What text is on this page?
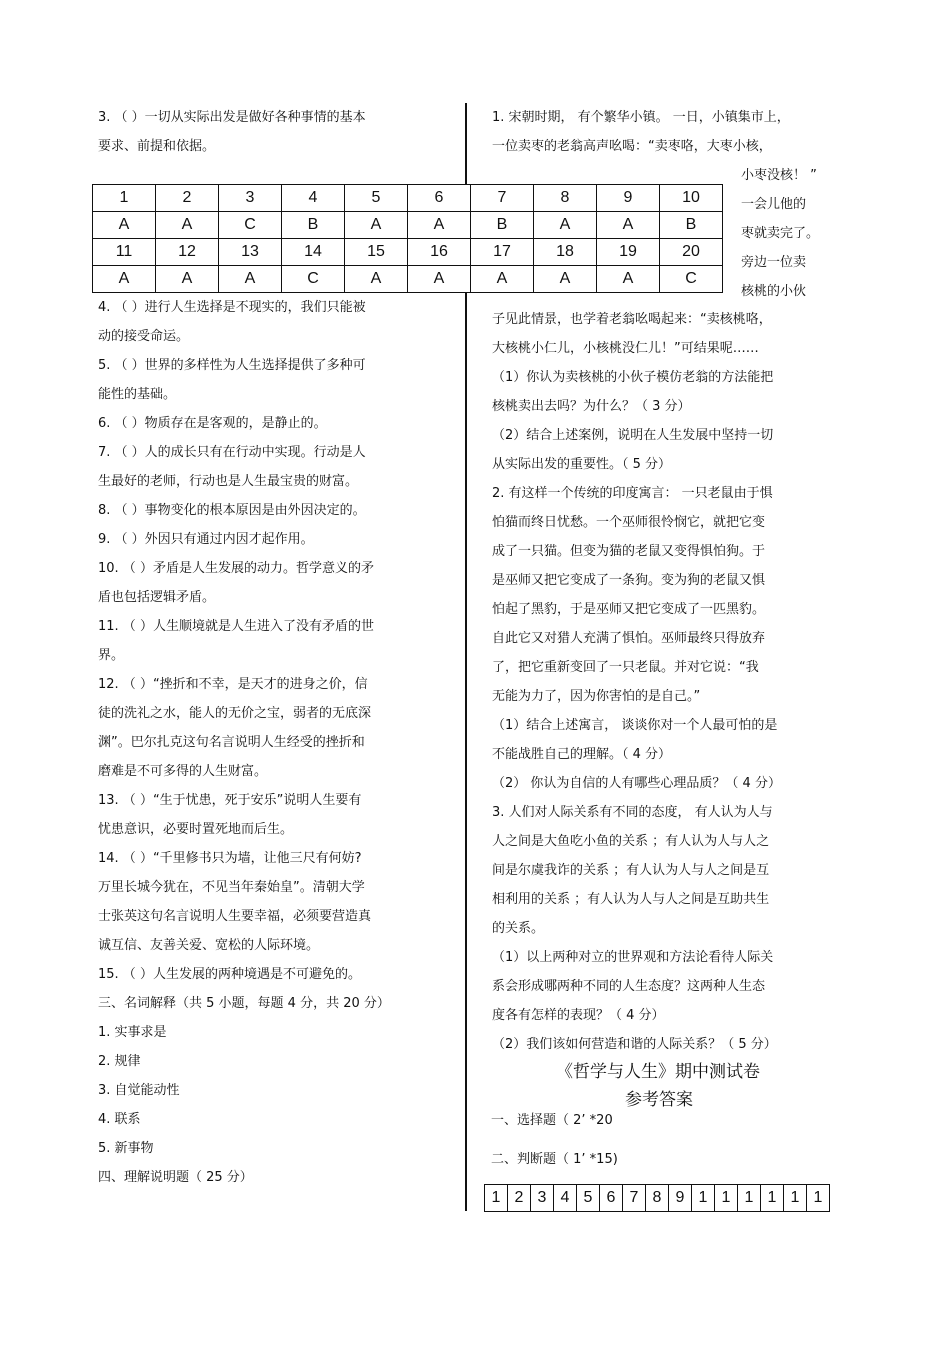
3. （ ）一切从实际出发是做好各种事情的基本
要求、前提和依据。
1	2	3	4	5	6	7	8	9	10
A	A	C	B	A	A	B	A	A	B
11	12	13	14	15	16	17	18	19	20
A	A	A	C	A	A	A	A	A	C
4. （ ）进行人生选择是不现实的，我们只能被
动的接受命运。
5. （ ）世界的多样性为人生选择提供了多种可
能性的基础。
6. （ ）物质存在是客观的，是静止的。
7. （ ）人的成长只有在行动中实现。行动是人
生最好的老师，行动也是人生最宝贵的财富。
8. （ ）事物变化的根本原因是由外因决定的。
9. （ ）外因只有通过内因才起作用。
10. （ ）矛盾是人生发展的动力。哲学意义的矛
盾也包括逻辑矛盾。
11. （ ）人生顺境就是人生进入了没有矛盾的世
界。
12. （ ）“挫折和不幸，是天才的进身之价，信
徒的洗礼之水，能人的无价之宝，弱者的无底深
渊”。巴尔扎克这句名言说明人生经受的挫折和
磨难是不可多得的人生财富。
13. （ ）“生于忧患，死于安乐”说明人生要有
忧患意识，必要时置死地而后生。
14. （ ）“千里修书只为墙，让他三尺有何妨?
万里长城今犹在，不见当年秦始皇”。清朝大学
士张英这句名言说明人生要幸福，必须要营造真
诚互信、友善关爱、宽松的人际环境。
15. （ ）人生发展的两种境遇是不可避免的。
三、名词解释（共 5 小题，每题 4 分，共 20 分）
1. 实事求是
2. 规律
3. 自觉能动性
4. 联系
5. 新事物
四、理解说明题（ 25 分）
1. 宋朝时期， 有个繁华小镇。 一日，小镇集市上，
一位卖枣的老翁高声吆喝：“卖枣咯，大枣小核，
小枣没核！ ”
一会儿他的
枣就卖完了。
旁边一位卖
核桃的小伙
子见此情景，也学着老翁吆喝起来：“卖核桃咯，
大核桃小仁儿，小核桃没仁儿！”可结果呢……
（1）你认为卖核桃的小伙子模仿老翁的方法能把
核桃卖出去吗？为什么？（ 3 分）
（2）结合上述案例，说明在人生发展中坚持一切
从实际出发的重要性。（ 5 分）
2. 有这样一个传统的印度寓言： 一只老鼠由于惧
怕猫而终日忧愁。一个巫师很怜悯它，就把它变
成了一只猫。但变为猫的老鼠又变得惧怕狗。于
是巫师又把它变成了一条狗。变为狗的老鼠又惧
怕起了黑豹，于是巫师又把它变成了一匹黑豹。
自此它又对猎人充满了惧怕。巫师最终只得放弃
了，把它重新变回了一只老鼠。并对它说：“我
无能为力了，因为你害怕的是自己。”
（1）结合上述寓言， 谈谈你对一个人最可怕的是
不能战胜自己的理解。（ 4 分）
（2） 你认为自信的人有哪些心理品质？（ 4 分）
3. 人们对人际关系有不同的态度， 有人认为人与
人之间是大鱼吃小鱼的关系 ；有人认为人与人之
间是尔虞我诈的关系 ；有人认为人与人之间是互
相利用的关系 ；有人认为人与人之间是互助共生
的关系。
（1）以上两种对立的世界观和方法论看待人际关
系会形成哪两种不同的人生态度？这两种人生态
度各有怎样的表现？（ 4 分）
（2）我们该如何营造和谐的人际关系？（ 5 分）
《哲学与人生》期中测试卷
参考答案
一、选择题（ 2’ *20
二、判断题（ 1’ *15)
1	2	3	4	5	6	7	8	9	1	1	1	1	1	1
